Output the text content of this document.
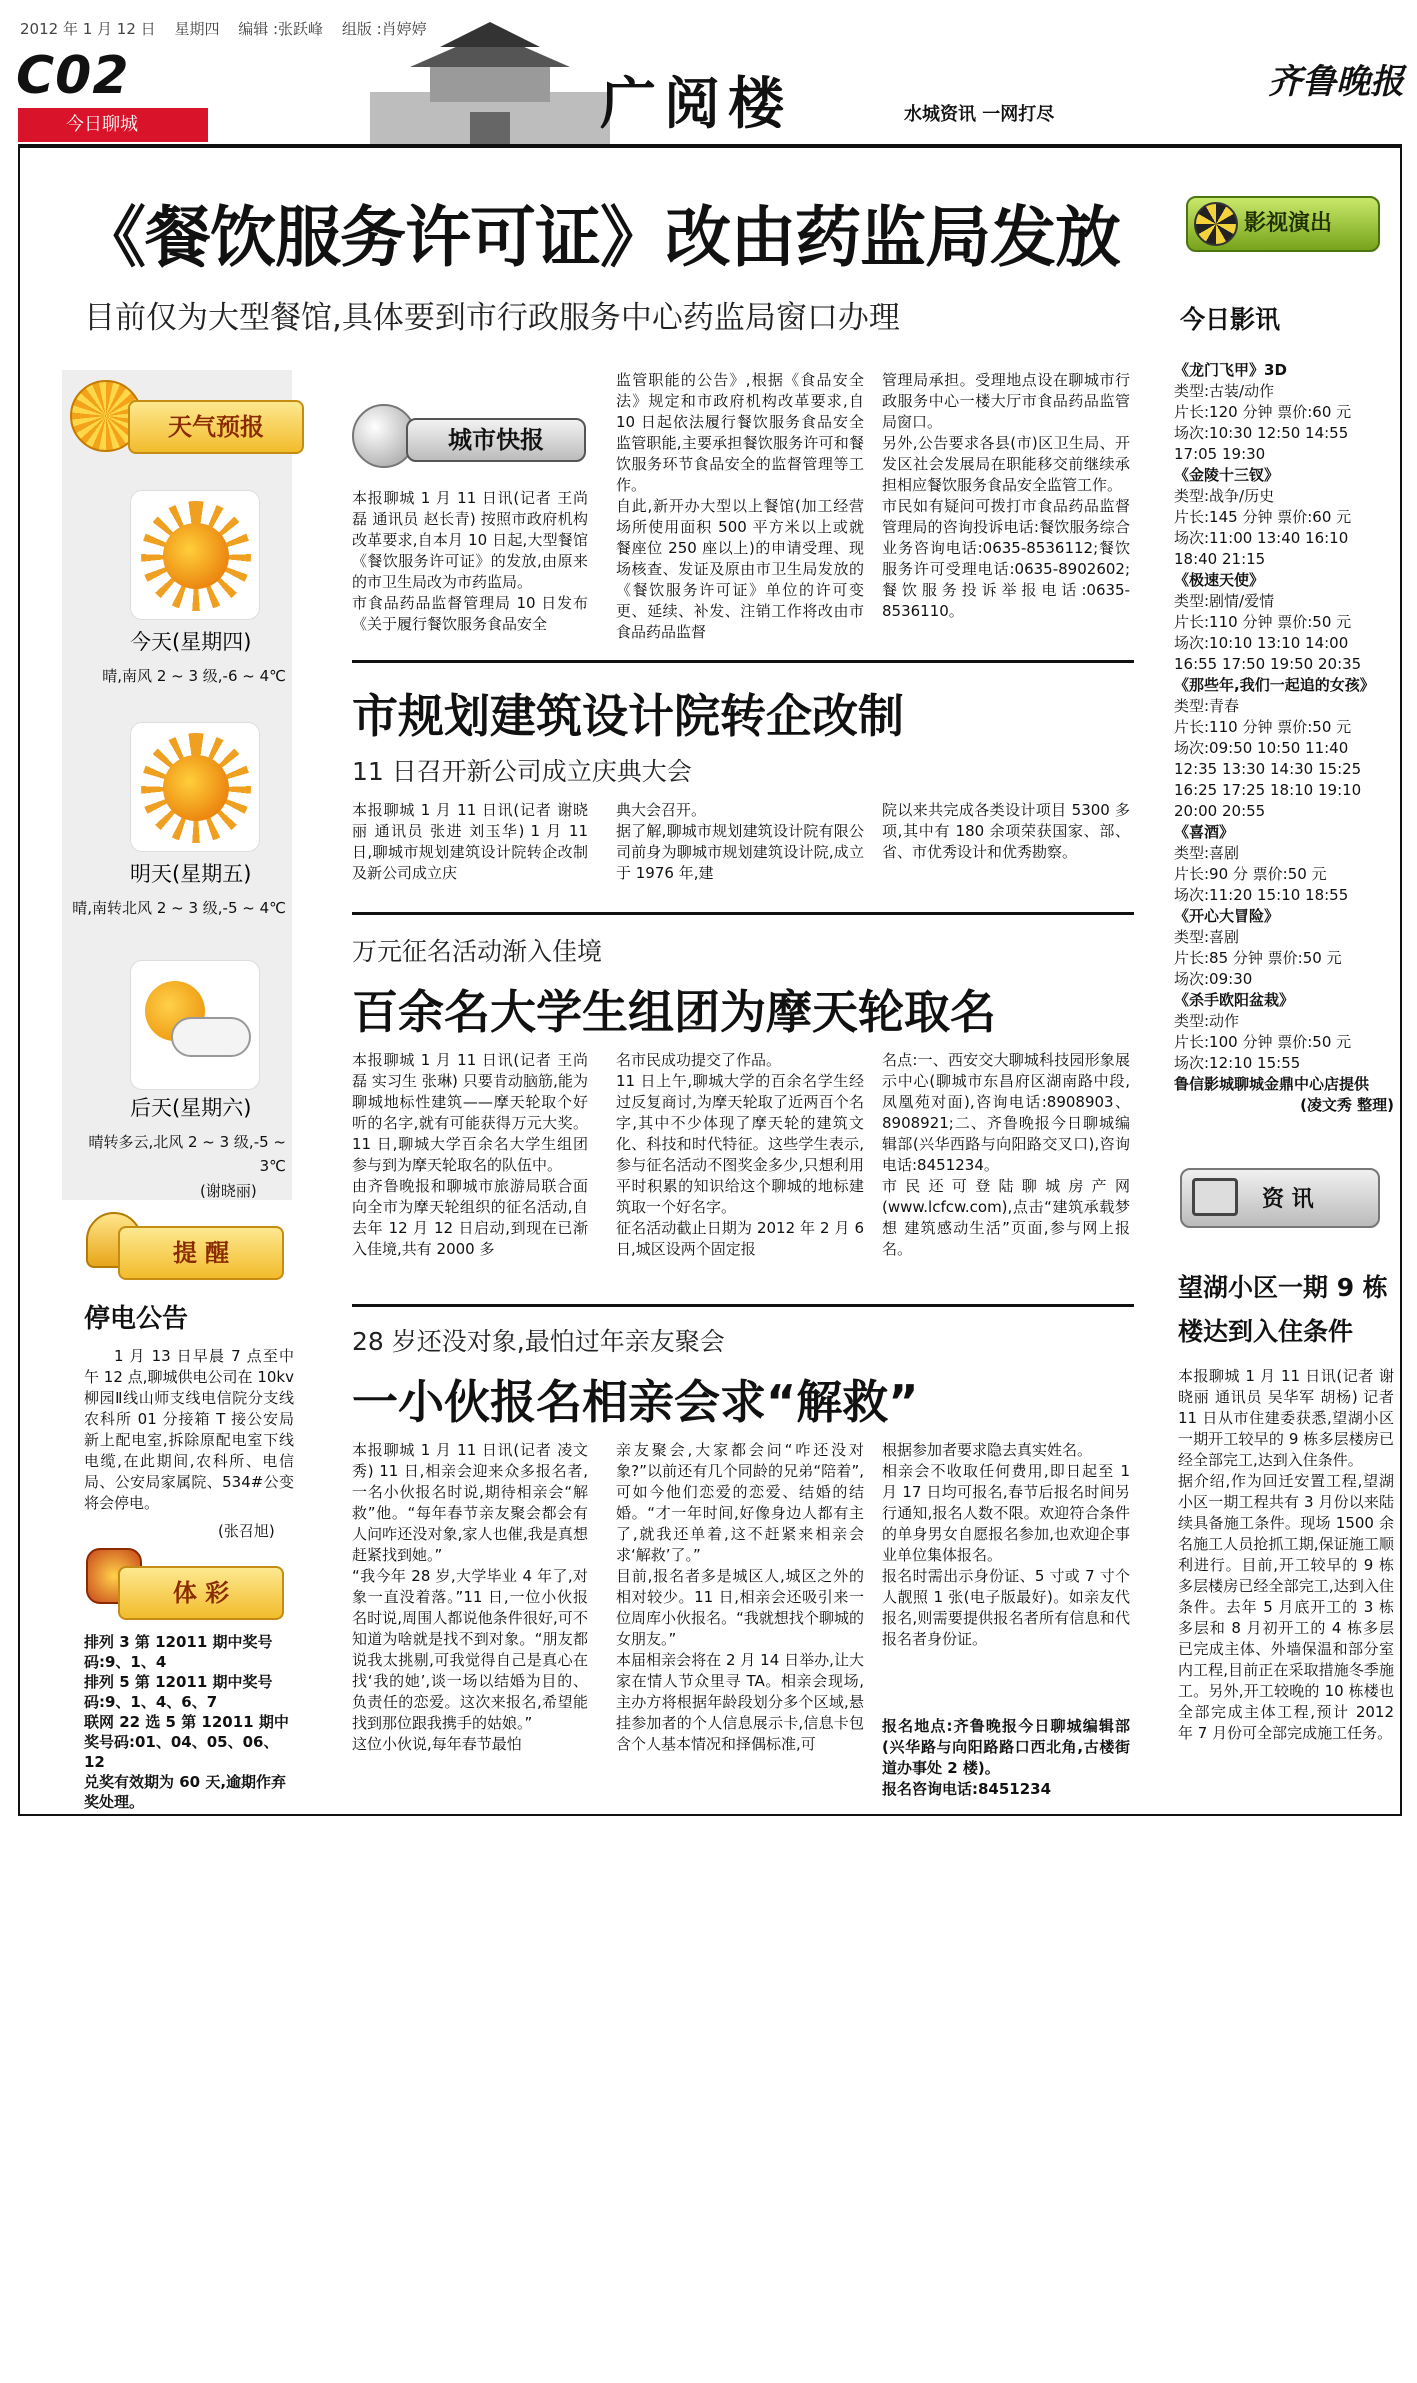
2012 年 1 月 12 日 星期四 编辑 :张跃峰 组版 :肖婷婷
C02
今日聊城	广阅楼	水城资讯 一网打尽
齐鲁晚报
《餐饮服务许可证》改由药监局发放
目前仅为大型餐馆,具体要到市行政服务中心药监局窗口办理
城市快报
本报聊城 1 月 11 日讯(记者 王尚磊 通讯员 赵长青) 按照市政府机构改革要求,自本月 10 日起,大型餐馆《餐饮服务许可证》的发放,由原来的市卫生局改为市药监局。
市食品药品监督管理局 10 日发布《关于履行餐饮服务食品安全
监管职能的公告》,根据《食品安全法》规定和市政府机构改革要求,自 10 日起依法履行餐饮服务食品安全监管职能,主要承担餐饮服务许可和餐饮服务环节食品安全的监督管理等工作。
自此,新开办大型以上餐馆(加工经营场所使用面积 500 平方米以上或就餐座位 250 座以上)的申请受理、现场核查、发证及原由市卫生局发放的《餐饮服务许可证》单位的许可变更、延续、补发、注销工作将改由市食品药品监督
管理局承担。受理地点设在聊城市行政服务中心一楼大厅市食品药品监管局窗口。
另外,公告要求各县(市)区卫生局、开发区社会发展局在职能移交前继续承担相应餐饮服务食品安全监管工作。
市民如有疑问可拨打市食品药品监督管理局的咨询投诉电话:餐饮服务综合业务咨询电话:0635-8536112;餐饮服务许可受理电话:0635-8902602;餐饮服务投诉举报电话:0635-8536110。
市规划建筑设计院转企改制
11 日召开新公司成立庆典大会
本报聊城 1 月 11 日讯(记者 谢晓丽 通讯员 张进 刘玉华) 1 月 11 日,聊城市规划建筑设计院转企改制及新公司成立庆
典大会召开。
据了解,聊城市规划建筑设计院有限公司前身为聊城市规划建筑设计院,成立于 1976 年,建
院以来共完成各类设计项目 5300 多项,其中有 180 余项荣获国家、部、省、市优秀设计和优秀勘察。
万元征名活动渐入佳境
百余名大学生组团为摩天轮取名
本报聊城 1 月 11 日讯(记者 王尚磊 实习生 张琳) 只要肯动脑筋,能为聊城地标性建筑——摩天轮取个好听的名字,就有可能获得万元大奖。11 日,聊城大学百余名大学生组团参与到为摩天轮取名的队伍中。
由齐鲁晚报和聊城市旅游局联合面向全市为摩天轮组织的征名活动,自去年 12 月 12 日启动,到现在已渐入佳境,共有 2000 多
名市民成功提交了作品。
11 日上午,聊城大学的百余名学生经过反复商讨,为摩天轮取了近两百个名字,其中不少体现了摩天轮的建筑文化、科技和时代特征。这些学生表示,参与征名活动不图奖金多少,只想利用平时积累的知识给这个聊城的地标建筑取一个好名字。
征名活动截止日期为 2012 年 2 月 6 日,城区设两个固定报
名点:一、西安交大聊城科技园形象展示中心(聊城市东昌府区湖南路中段,凤凰苑对面),咨询电话:8908903、8908921;二、齐鲁晚报今日聊城编辑部(兴华西路与向阳路交叉口),咨询电话:8451234。
市民还可登陆聊城房产网(www.lcfcw.com),点击“建筑承载梦想 建筑感动生活”页面,参与网上报名。
28 岁还没对象,最怕过年亲友聚会
一小伙报名相亲会求“解救”
本报聊城 1 月 11 日讯(记者 凌文秀) 11 日,相亲会迎来众多报名者,一名小伙报名时说,期待相亲会“解救”他。“每年春节亲友聚会都会有人问咋还没对象,家人也催,我是真想赶紧找到她。”
“我今年 28 岁,大学毕业 4 年了,对象一直没着落。”11 日,一位小伙报名时说,周围人都说他条件很好,可不知道为啥就是找不到对象。“朋友都说我太挑剔,可我觉得自己是真心在找‘我的她’,谈一场以结婚为目的、负责任的恋爱。这次来报名,希望能找到那位跟我携手的姑娘。”
这位小伙说,每年春节最怕
亲友聚会,大家都会问“咋还没对象?”以前还有几个同龄的兄弟“陪着”,可如今他们恋爱的恋爱、结婚的结婚。“才一年时间,好像身边人都有主了,就我还单着,这不赶紧来相亲会求‘解救’了。”
目前,报名者多是城区人,城区之外的相对较少。11 日,相亲会还吸引来一位周库小伙报名。“我就想找个聊城的女朋友。”
本届相亲会将在 2 月 14 日举办,让大家在情人节众里寻 TA。相亲会现场,主办方将根据年龄段划分多个区域,悬挂参加者的个人信息展示卡,信息卡包含个人基本情况和择偶标准,可
根据参加者要求隐去真实姓名。
相亲会不收取任何费用,即日起至 1 月 17 日均可报名,春节后报名时间另行通知,报名人数不限。欢迎符合条件的单身男女自愿报名参加,也欢迎企事业单位集体报名。
报名时需出示身份证、5 寸或 7 寸个人靓照 1 张(电子版最好)。如亲友代报名,则需要提供报名者所有信息和代报名者身份证。
报名地点:齐鲁晚报今日聊城编辑部(兴华路与向阳路路口西北角,古楼街道办事处 2 楼)。
报名咨询电话:8451234
天气预报
今天(星期四)
晴,南风 2 ~ 3 级,-6 ~ 4℃
明天(星期五)
晴,南转北风 2 ~ 3 级,-5 ~ 4℃
后天(星期六)
晴转多云,北风 2 ~ 3 级,-5 ~ 3℃
(谢晓丽)
提 醒
停电公告

1 月 13 日早晨 7 点至中午 12 点,聊城供电公司在 10kv 柳园Ⅱ线山师支线电信院分支线农科所 01 分接箱 T 接公安局新上配电室,拆除原配电室下线电缆,在此期间,农科所、电信局、公安局家属院、534#公变将会停电。

(张召旭)
体 彩
排列 3 第 12011 期中奖号码:9、1、4
排列 5 第 12011 期中奖号码:9、1、4、6、7
联网 22 选 5 第 12011 期中奖号码:01、04、05、06、12
兑奖有效期为 60 天,逾期作弃奖处理。
影视演出
今日影讯
《龙门飞甲》3D
类型:古装/动作
片长:120 分钟 票价:60 元
场次:10:30 12:50 14:55 17:05 19:30
《金陵十三钗》
类型:战争/历史
片长:145 分钟 票价:60 元
场次:11:00 13:40 16:10 18:40 21:15
《极速天使》
类型:剧情/爱情
片长:110 分钟 票价:50 元
场次:10:10 13:10 14:00 16:55 17:50 19:50 20:35
《那些年,我们一起追的女孩》
类型:青春
片长:110 分钟 票价:50 元
场次:09:50 10:50 11:40 12:35 13:30 14:30 15:25 16:25 17:25 18:10 19:10 20:00 20:55
《喜酒》
类型:喜剧
片长:90 分 票价:50 元
场次:11:20 15:10 18:55
《开心大冒险》
类型:喜剧
片长:85 分钟 票价:50 元
场次:09:30
《杀手欧阳盆栽》
类型:动作
片长:100 分钟 票价:50 元
场次:12:10 15:55
鲁信影城聊城金鼎中心店提供
(凌文秀 整理)
资 讯
望湖小区一期 9 栋楼达到入住条件
本报聊城 1 月 11 日讯(记者 谢晓丽 通讯员 吴华军 胡杨) 记者 11 日从市住建委获悉,望湖小区一期开工较早的 9 栋多层楼房已经全部完工,达到入住条件。
据介绍,作为回迁安置工程,望湖小区一期工程共有 3 月份以来陆续具备施工条件。现场 1500 余名施工人员抢抓工期,保证施工顺利进行。目前,开工较早的 9 栋多层楼房已经全部完工,达到入住条件。去年 5 月底开工的 3 栋多层和 8 月初开工的 4 栋多层已完成主体、外墙保温和部分室内工程,目前正在采取措施冬季施工。另外,开工较晚的 10 栋楼也全部完成主体工程,预计 2012 年 7 月份可全部完成施工任务。
